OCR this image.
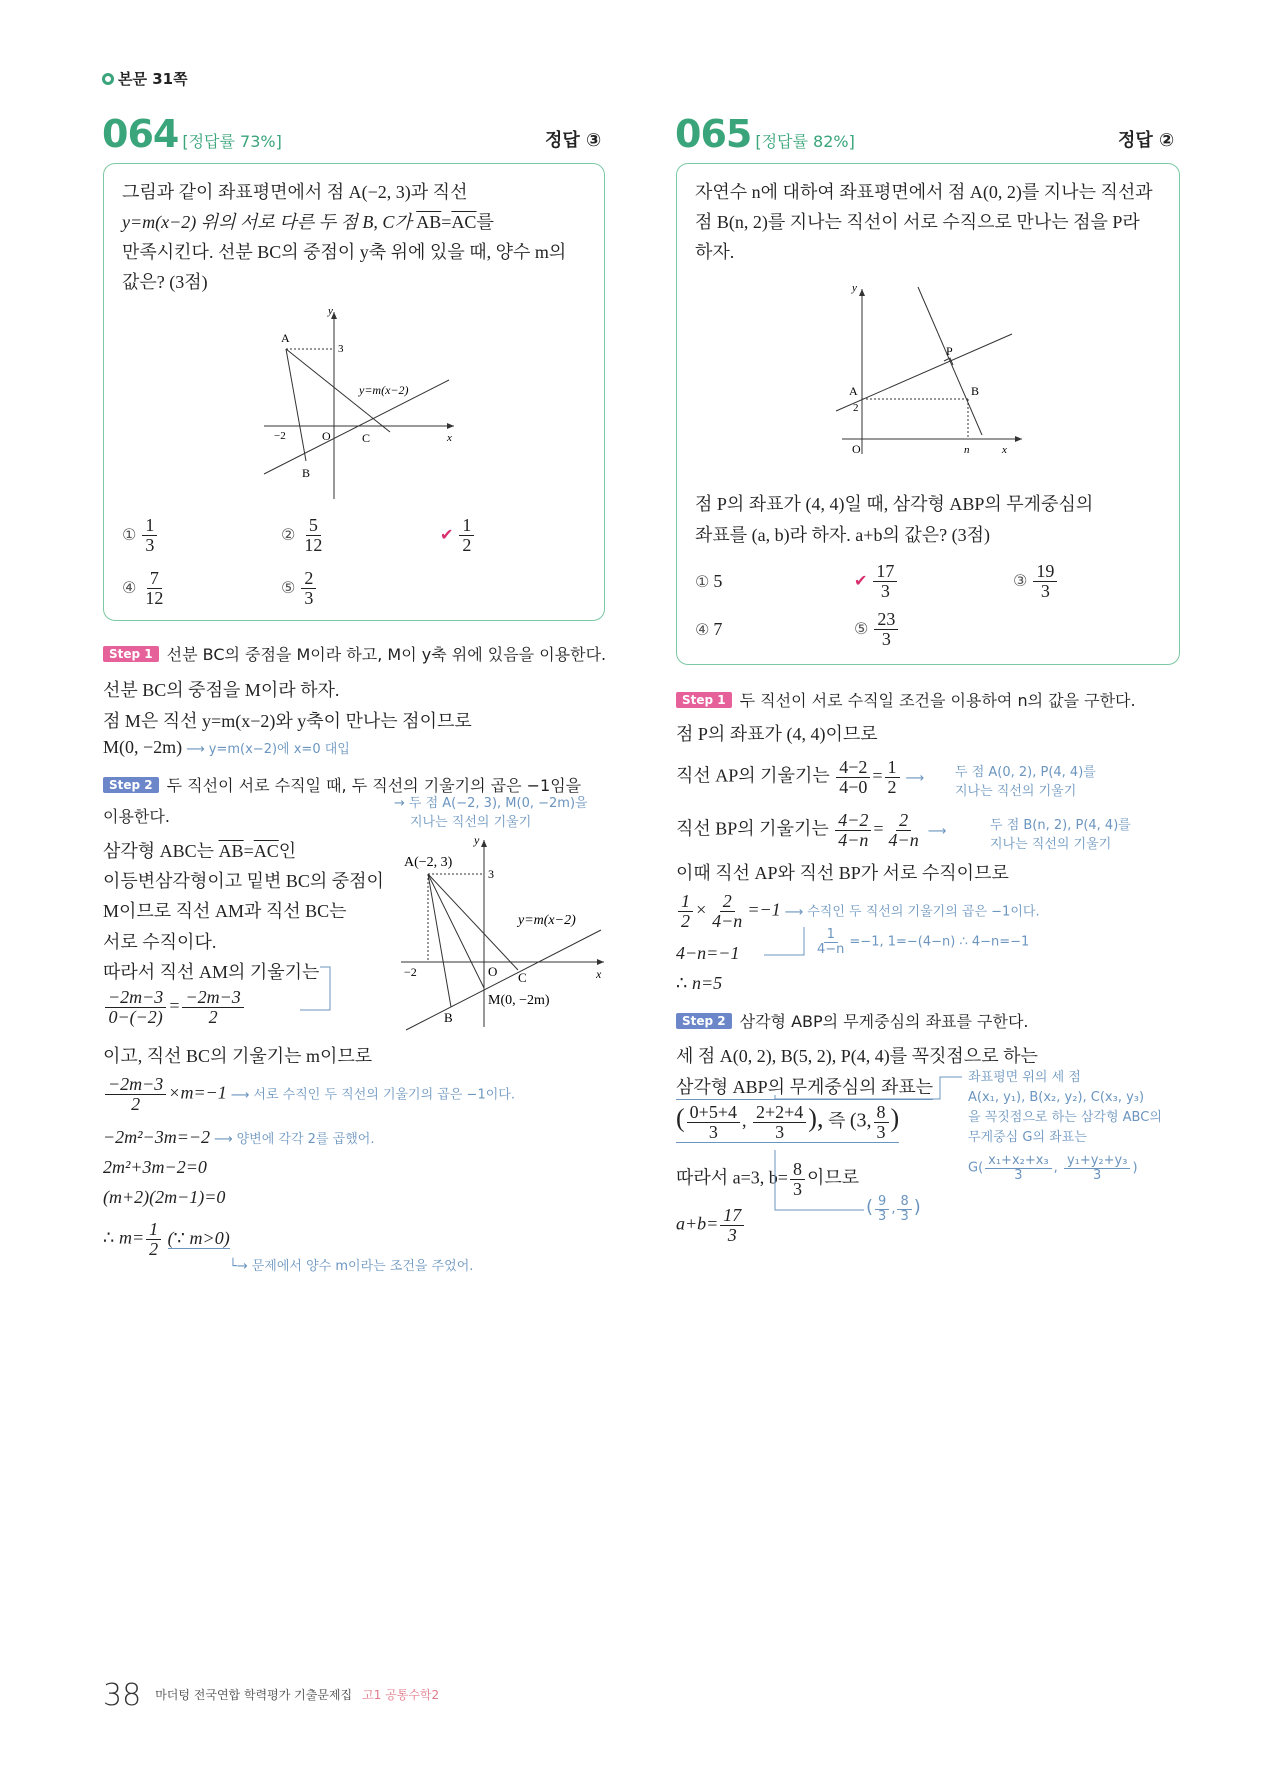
본문 31쪽
064 [정답률 73%]	정답 ③
그림과 같이 좌표평면에서 점 A(−2, 3)과 직선
y=m(x−2) 위의 서로 다른 두 점 B, C가 $\overline{AB}=\overline{AC}$를
만족시킨다. 선분 BC의 중점이 y축 위에 있을 때, 양수 m의
값은? (3점)
y
3
A
y=m(x−2)
−2	O	C	x
B
① $\frac{1}{3}$	② $\frac{5}{12}$	✔ $\frac{1}{2}$
④ $\frac{7}{12}$	⑤ $\frac{2}{3}$
Step 1 선분 BC의 중점을 M이라 하고, M이 y축 위에 있음을 이용한다.
선분 BC의 중점을 M이라 하자.
점 M은 직선 y=m(x−2)와 y축이 만나는 점이므로
M(0, −2m) ⟶ y=m(x−2)에 x=0 대입
Step 2 두 직선이 서로 수직일 때, 두 직선의 기울기의 곱은 −1임을
이용한다.
→ 두 점 A(−2, 3), M(0, −2m)을
지나는 직선의 기울기
삼각형 ABC는 $\overline{AB}=\overline{AC}$인
이등변삼각형이고 밑변 BC의 중점이
M이므로 직선 AM과 직선 BC는
서로 수직이다.
따라서 직선 AM의 기울기는
$\frac{-2m-3}{0-(-2)} = \frac{-2m-3}{2}$
이고, 직선 BC의 기울기는 m이므로
$\frac{-2m-3}{2} \times m=-1$ ⟶ 서로 수직인 두 직선의 기울기의 곱은 −1이다.
−2m²−3m=−2 ⟶ 양변에 각각 2를 곱했어.
2m²+3m−2=0
(m+2)(2m−1)=0
∴ $m= \frac{1}{2}$ (∵ m>0)
└→ 문제에서 양수 m이라는 조건을 주었어.
y
A(−2, 3)
3
y=m(x−2)
−2	O C	x
M(0, −2m)
B
065 [정답률 82%]	정답 ②
자연수 n에 대하여 좌표평면에서 점 A(0, 2)를 지나는 직선과
점 B(n, 2)를 지나는 직선이 서로 수직으로 만나는 점을 P라
하자.
y
P
A
2
B
O	n	x
점 P의 좌표가 (4, 4)일 때, 삼각형 ABP의 무게중심의
좌표를 (a, b)라 하자. a+b의 값은? (3점)
① 5	✔ $\frac{17}{3}$	③ $\frac{19}{3}$
④ 7	⑤ $\frac{23}{3}$
Step 1 두 직선이 서로 수직일 조건을 이용하여 n의 값을 구한다.
점 P의 좌표가 (4, 4)이므로
직선 AP의 기울기는 $\frac{4-2}{4-0} = \frac{1}{2}$ ⟶	두 점 A(0, 2), P(4, 4)를
지나는 직선의 기울기
직선 BP의 기울기는 $\frac{4-2}{4-n} = \frac{2}{4-n}$ ⟶	두 점 B(n, 2), P(4, 4)를
지나는 직선의 기울기
이때 직선 AP와 직선 BP가 서로 수직이므로
$\frac{1}{2} \times \frac{2}{4-n} =-1$ ⟶ 수직인 두 직선의 기울기의 곱은 −1이다.
$\frac{1}{4-n} =-1$, 1=−(4−n) ∴ 4−n=−1
4−n=−1
∴ n=5
Step 2 삼각형 ABP의 무게중심의 좌표를 구한다.
세 점 A(0, 2), B(5, 2), P(4, 4)를 꼭짓점으로 하는
삼각형 ABP의 무게중심의 좌표는
( $\frac{0+5+4}{3}$ , $\frac{2+2+4}{3}$ ), 즉 (3, $\frac{8}{3}$ )
따라서 a=3, $b= \frac{8}{3}$ 이므로
$a+b= \frac{17}{3}$
좌표평면 위의 세 점
A(x₁, y₁), B(x₂, y₂), C(x₃, y₃)
을 꼭짓점으로 하는 삼각형 ABC의
무게중심 G의 좌표는
$G( \frac{\text{x₁+x₂+x₃}}{3}$ , $\frac{\text{y₁+y₂+y₃}}{3}$ )
( $\frac{9}{3}$ , $\frac{8}{3}$ )
38 $^{마더텅 전국연합 학력평가 기출문제집}$ $^{고1 공통수학2}$
